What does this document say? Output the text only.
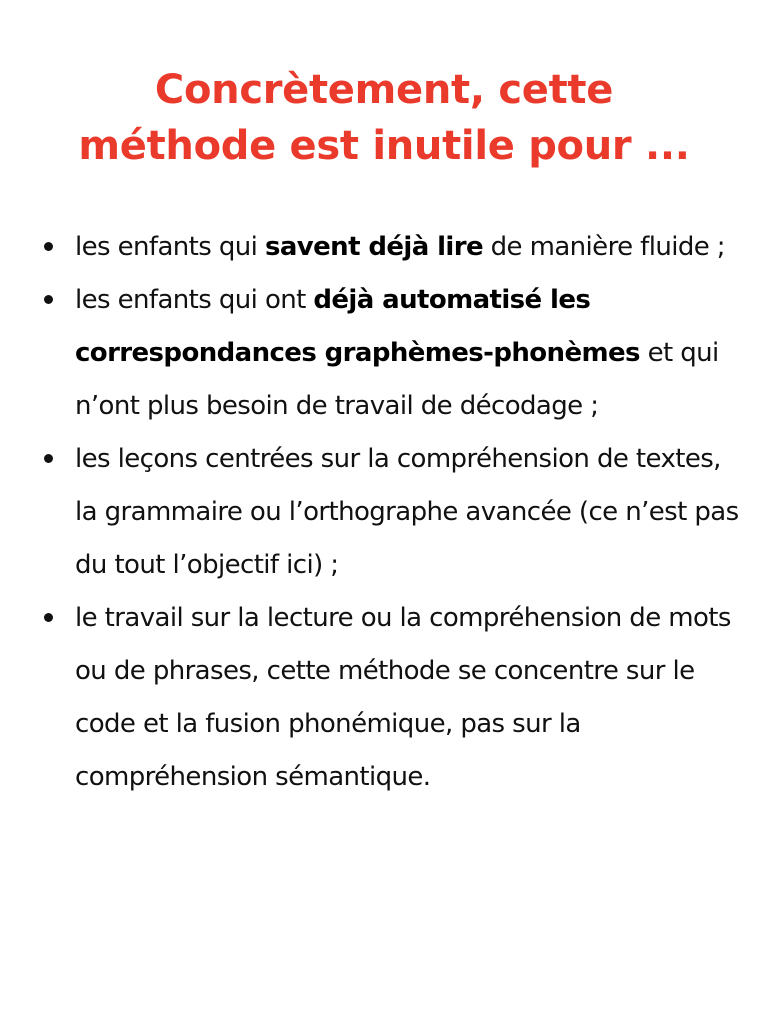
Concrètement, cette
méthode est inutile pour ...
les enfants qui savent déjà lire de manière fluide ;
les enfants qui ont déjà automatisé les correspondances graphèmes-phonèmes et qui n’ont plus besoin de travail de décodage ;
les leçons centrées sur la compréhension de textes, la grammaire ou l’orthographe avancée (ce n’est pas du tout l’objectif ici) ;
le travail sur la lecture ou la compréhension de mots ou de phrases, cette méthode se concentre sur le code et la fusion phonémique, pas sur la compréhension sémantique.
